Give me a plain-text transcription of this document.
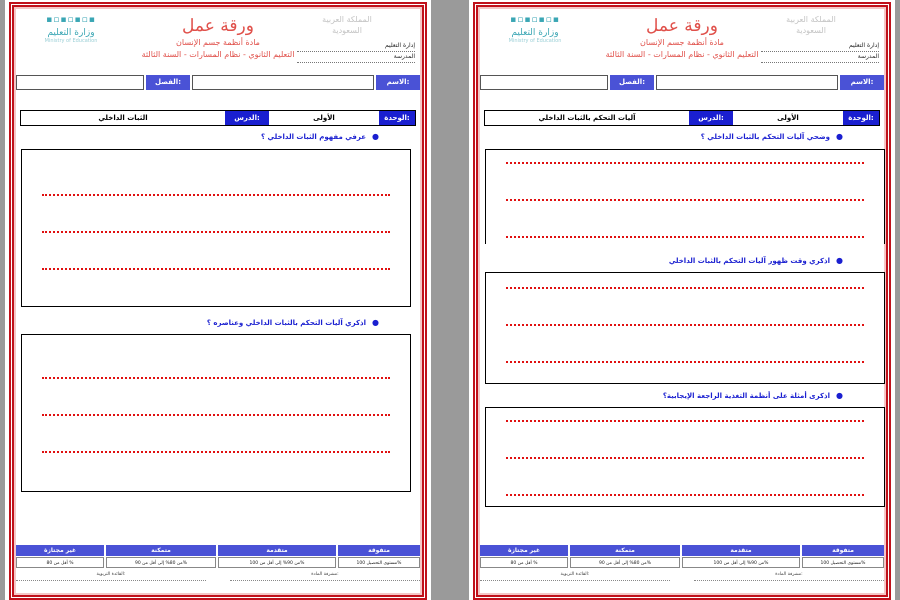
▪▫▪▫▪▫▪
وزارة التعليم
Ministry of Education
ورقة عمل
مادة أنظمة جسم الإنسان
التعليم الثانوي - نظام المسارات - السنة الثالثة
المملكة العربية السعودية
إدارة التعليم
المدرسة
الاسم:
الفصل:
الوحدة:
الأولى
الدرس:
الثبات الداخلي
●عرفي مفهوم الثبات الداخلي ؟
●اذكري آليات التحكم بالثبات الداخلي وعناصره ؟
متفوقة
متقدمة
متمكنة
غير مجتازة
مستوى التحصيل 100%
من 90% إلى أقل من 100%
من 80% إلى أقل من 90%
أقل من 80 %
مشرفة المادة:
القائدة التربوية:
▪▫▪▫▪▫▪
وزارة التعليم
Ministry of Education
ورقة عمل
مادة أنظمة جسم الإنسان
التعليم الثانوي - نظام المسارات - السنة الثالثة
المملكة العربية السعودية
إدارة التعليم
المدرسة
الاسم:
الفصل:
الوحدة:
الأولى
الدرس:
آليات التحكم بالثبات الداخلي
●وضحي آليات التحكم بالثبات الداخلي ؟
●اذكري وقت ظهور آليات التحكم بالثبات الداخلي
●اذكرى أمثلة على أنظمة التغذية الراجعة الإيجابية؟
متفوقة
متقدمة
متمكنة
غير مجتازة
مستوى التحصيل 100%
من 90% إلى أقل من 100%
من 80% إلى أقل من 90%
أقل من 80 %
مشرفة المادة:
القائدة التربوية:
